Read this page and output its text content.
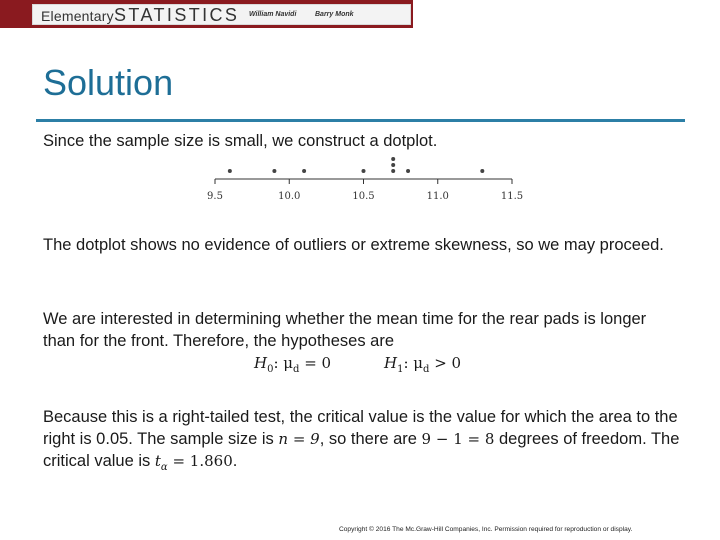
Elementary STATISTICS William Navidi	Barry Monk
Solution
Since the sample size is small, we construct a dotplot.
9.5	10.0	10.5	11.0	11.5
The dotplot shows no evidence of outliers or extreme skewness, so we may proceed.
We are interested in determining whether the mean time for the rear pads is longer than for the front. Therefore, the hypotheses are
$H_0$: $\mu_d = 0$	$H_1$: $\mu_d > 0$
Because this is a right-tailed test, the critical value is the value for which the area to the right is 0.05. The sample size is n = 9, so there are 9 − 1 = 8 degrees of freedom. The critical value is $t_\alpha = 1.860$.
Copyright © 2016 The Mc.Graw-Hill Companies, Inc. Permission required for reproduction or display.
